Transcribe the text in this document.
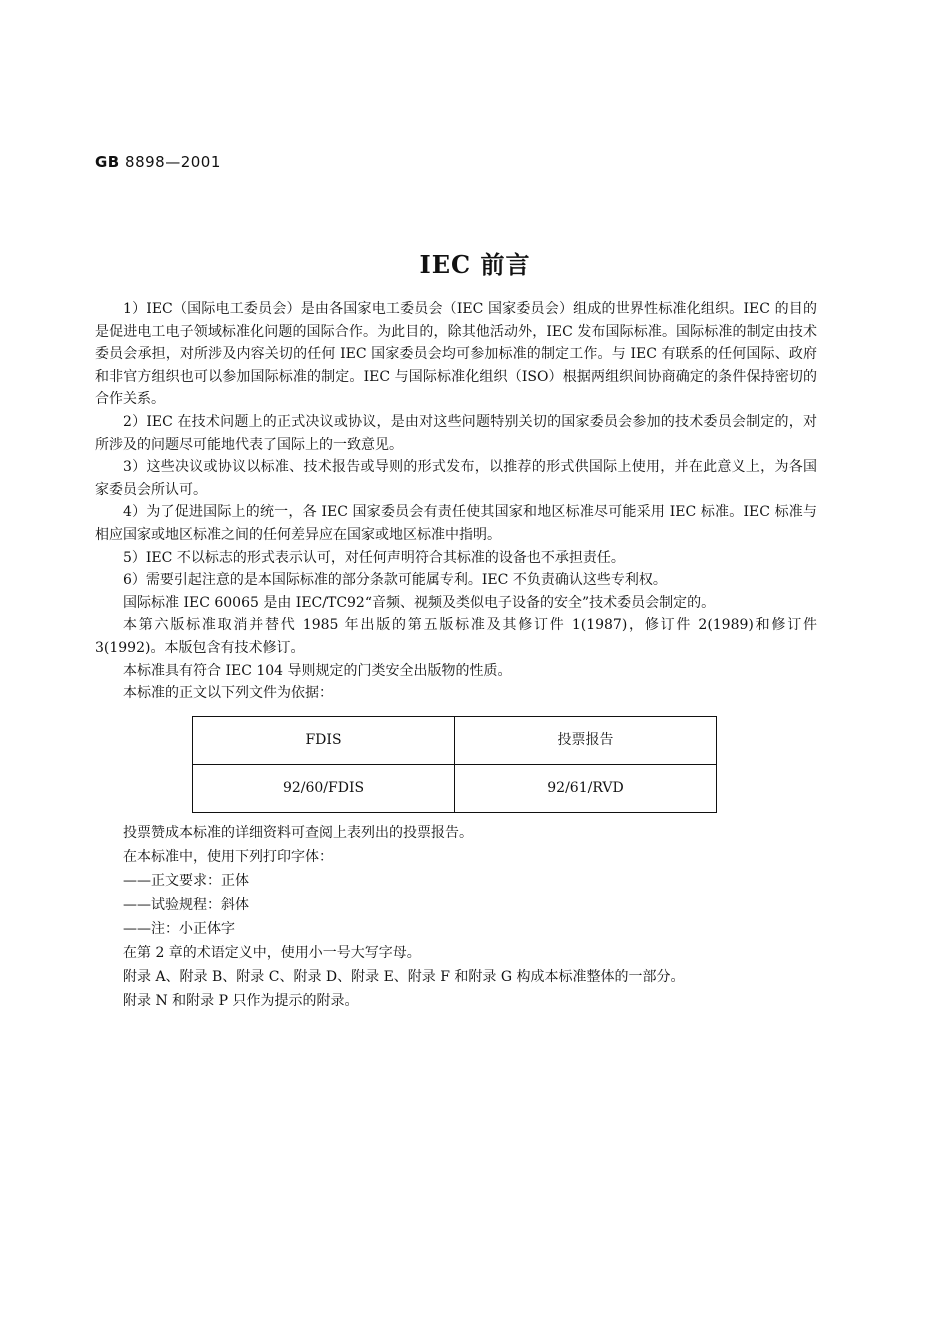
GB 8898—2001
IEC 前言

1）IEC（国际电工委员会）是由各国家电工委员会（IEC 国家委员会）组成的世界性标准化组织。IEC 的目的是促进电工电子领域标准化问题的国际合作。为此目的，除其他活动外，IEC 发布国际标准。国际标准的制定由技术委员会承担，对所涉及内容关切的任何 IEC 国家委员会均可参加标准的制定工作。与 IEC 有联系的任何国际、政府和非官方组织也可以参加国际标准的制定。IEC 与国际标准化组织（ISO）根据两组织间协商确定的条件保持密切的合作关系。

2）IEC 在技术问题上的正式决议或协议，是由对这些问题特别关切的国家委员会参加的技术委员会制定的，对所涉及的问题尽可能地代表了国际上的一致意见。

3）这些决议或协议以标准、技术报告或导则的形式发布，以推荐的形式供国际上使用，并在此意义上，为各国家委员会所认可。

4）为了促进国际上的统一，各 IEC 国家委员会有责任使其国家和地区标准尽可能采用 IEC 标准。IEC 标准与相应国家或地区标准之间的任何差异应在国家或地区标准中指明。

5）IEC 不以标志的形式表示认可，对任何声明符合其标准的设备也不承担责任。

6）需要引起注意的是本国际标准的部分条款可能属专利。IEC 不负责确认这些专利权。

国际标准 IEC 60065 是由 IEC/TC92“音频、视频及类似电子设备的安全”技术委员会制定的。

本第六版标准取消并替代 1985 年出版的第五版标准及其修订件 1(1987)，修订件 2(1989)和修订件 3(1992)。本版包含有技术修订。

本标准具有符合 IEC 104 导则规定的门类安全出版物的性质。

本标准的正文以下列文件为依据：

FDIS	投票报告
92/60/FDIS	92/61/RVD

投票赞成本标准的详细资料可查阅上表列出的投票报告。

在本标准中，使用下列打印字体：

——正文要求：正体

——试验规程：斜体

——注：小正体字

在第 2 章的术语定义中，使用小一号大写字母。

附录 A、附录 B、附录 C、附录 D、附录 E、附录 F 和附录 G 构成本标准整体的一部分。

附录 N 和附录 P 只作为提示的附录。
